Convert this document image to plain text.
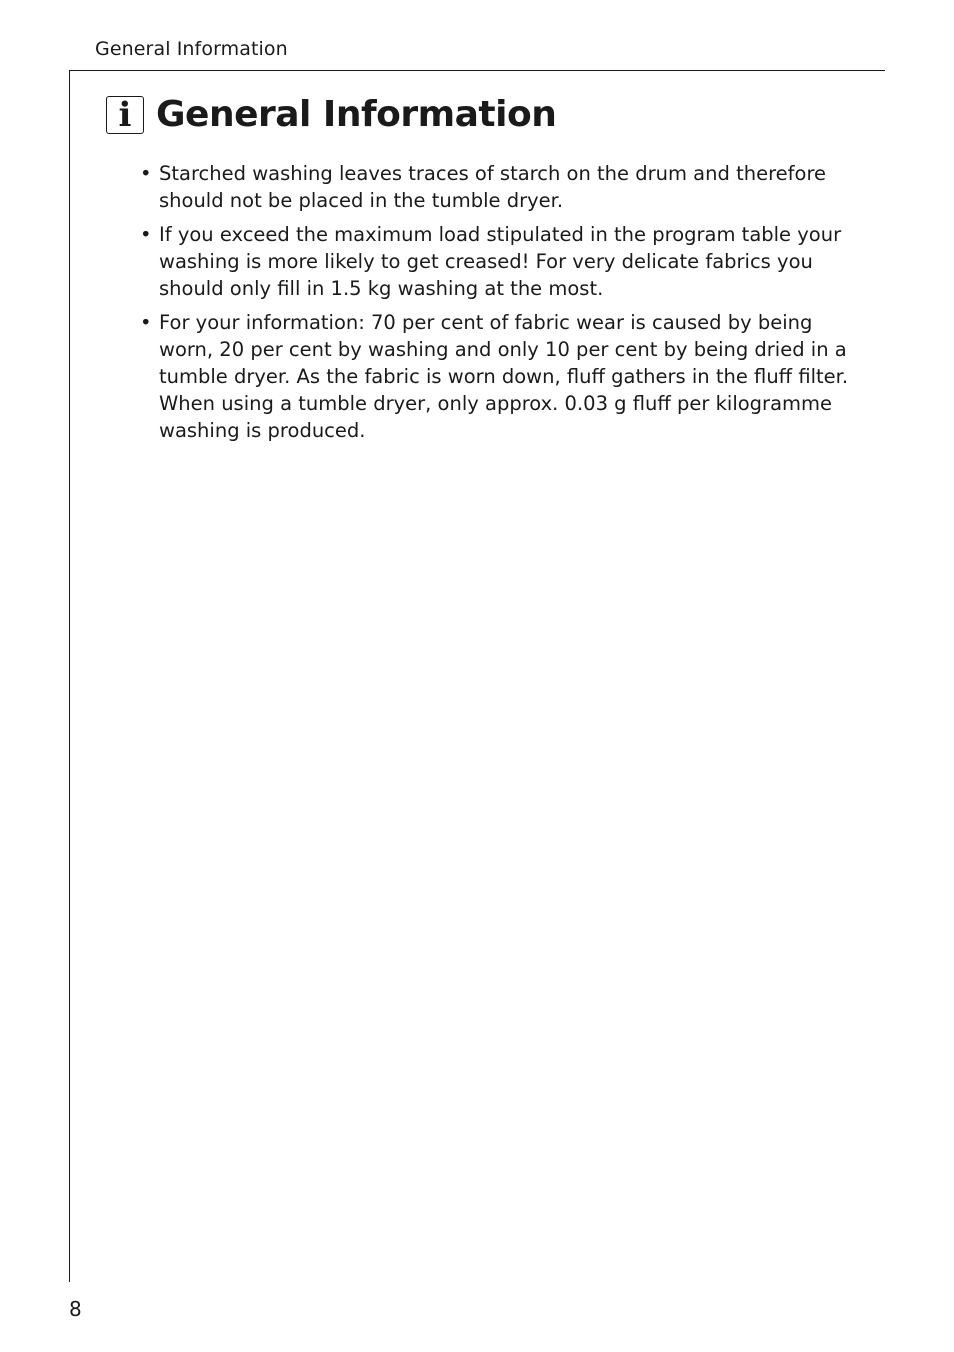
General Information
i General Information
• Starched washing leaves traces of starch on the drum and therefore should not be placed in the tumble dryer.
• If you exceed the maximum load stipulated in the program table your washing is more likely to get creased! For very delicate fabrics you should only fill in 1.5 kg washing at the most.
• For your information: 70 per cent of fabric wear is caused by being worn, 20 per cent by washing and only 10 per cent by being dried in a tumble dryer. As the fabric is worn down, fluff gathers in the fluff filter. When using a tumble dryer, only approx. 0.03 g fluff per kilogramme washing is produced.
8
